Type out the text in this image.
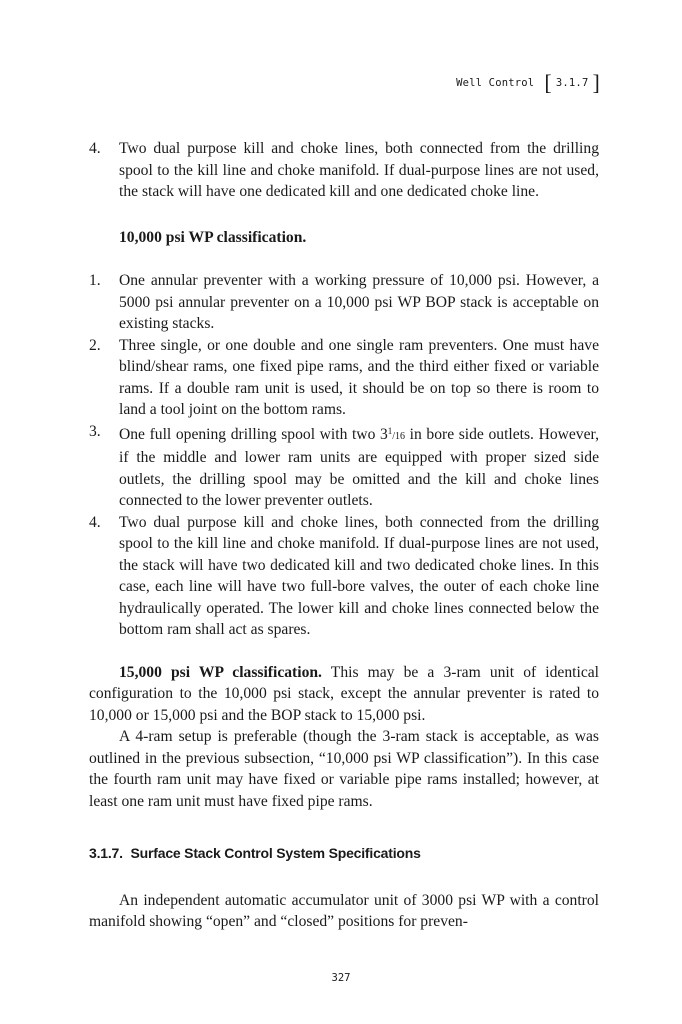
Well Control [ 3.1.7 ]
4.	Two dual purpose kill and choke lines, both connected from the drilling spool to the kill line and choke manifold. If dual-purpose lines are not used, the stack will have one dedicated kill and one dedicated choke line.
10,000 psi WP classification.
1.	One annular preventer with a working pressure of 10,000 psi. However, a 5000 psi annular preventer on a 10,000 psi WP BOP stack is acceptable on existing stacks.
2.	Three single, or one double and one single ram preventers. One must have blind/shear rams, one fixed pipe rams, and the third either fixed or variable rams. If a double ram unit is used, it should be on top so there is room to land a tool joint on the bottom rams.
3.	One full opening drilling spool with two $3^1/16$ in bore side outlets. However, if the middle and lower ram units are equipped with proper sized side outlets, the drilling spool may be omitted and the kill and choke lines connected to the lower preventer outlets.
4.	Two dual purpose kill and choke lines, both connected from the drilling spool to the kill line and choke manifold. If dual-purpose lines are not used, the stack will have two dedicated kill and two dedicated choke lines. In this case, each line will have two full-bore valves, the outer of each choke line hydraulically operated. The lower kill and choke lines connected below the bottom ram shall act as spares.

15,000 psi WP classification. This may be a 3-ram unit of identical configuration to the 10,000 psi stack, except the annular preventer is rated to 10,000 or 15,000 psi and the BOP stack to 15,000 psi.

A 4-ram setup is preferable (though the 3-ram stack is acceptable, as was outlined in the previous subsection, “10,000 psi WP classification”). In this case the fourth ram unit may have fixed or variable pipe rams installed; however, at least one ram unit must have fixed pipe rams.

3.1.7. Surface Stack Control System Specifications

An independent automatic accumulator unit of 3000 psi WP with a control manifold showing “open” and “closed” positions for preven-

327
